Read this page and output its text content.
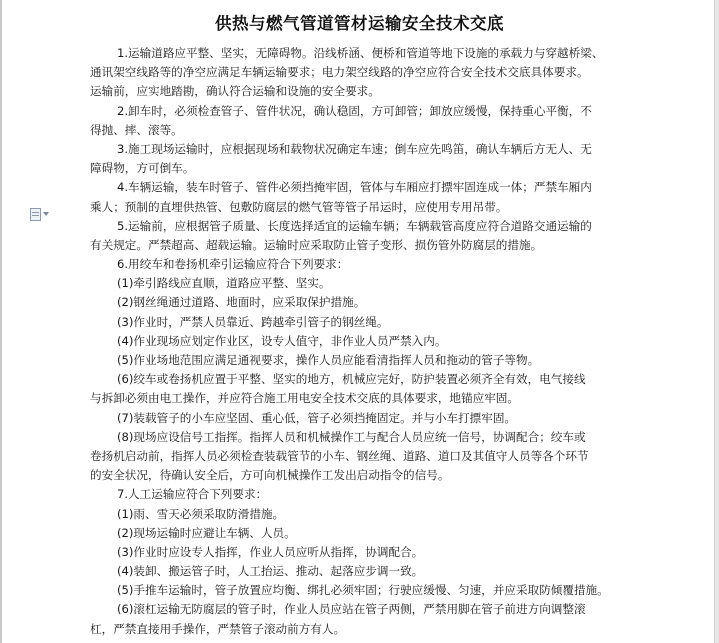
供热与燃气管道管材运输安全技术交底
1.运输道路应平整、坚实，无障碍物。沿线桥涵、便桥和管道等地下设施的承载力与穿越桥梁、
通讯架空线路等的净空应满足车辆运输要求；电力架空线路的净空应符合安全技术交底具体要求。
运输前，应实地踏勘，确认符合运输和设施的安全要求。
2.卸车时，必须检查管子、管件状况，确认稳固，方可卸管；卸放应缓慢，保持重心平衡，不
得抛、摔、滚等。
3.施工现场运输时，应根据现场和载物状况确定车速；倒车应先鸣笛，确认车辆后方无人、无
障碍物，方可倒车。
4.车辆运输，装车时管子、管件必须挡掩牢固，管体与车厢应打摽牢固连成一体；严禁车厢内
乘人；预制的直埋供热管、包敷防腐层的燃气管等管子吊运时，应使用专用吊带。
5.运输前，应根据管子质量、长度选择适宜的运输车辆；车辆载管高度应符合道路交通运输的
有关规定。严禁超高、超载运输。运输时应采取防止管子变形、损伤管外防腐层的措施。
6.用绞车和卷扬机牵引运输应符合下列要求：
(1)牵引路线应直顺，道路应平整、坚实。
(2)钢丝绳通过道路、地面时，应采取保护措施。
(3)作业时，严禁人员靠近、跨越牵引管子的钢丝绳。
(4)作业现场应划定作业区，设专人值守，非作业人员严禁入内。
(5)作业场地范围应满足通视要求，操作人员应能看清指挥人员和拖动的管子等物。
(6)绞车或卷扬机应置于平整、坚实的地方，机械应完好，防护装置必须齐全有效，电气接线
与拆卸必须由电工操作，并应符合施工用电安全技术交底的具体要求，地锚应牢固。
(7)装载管子的小车应坚固、重心低，管子必须挡掩固定。并与小车打摽牢固。
(8)现场应设信号工指挥。指挥人员和机械操作工与配合人员应统一信号，协调配合；绞车或
卷扬机启动前，指挥人员必须检查装载管节的小车、钢丝绳、道路、道口及其值守人员等各个环节
的安全状况，待确认安全后，方可向机械操作工发出启动指令的信号。
7.人工运输应符合下列要求：
(1)雨、雪天必须采取防滑措施。
(2)现场运输时应避让车辆、人员。
(3)作业时应设专人指挥，作业人员应听从指挥，协调配合。
(4)装卸、搬运管子时，人工抬运、推动、起落应步调一致。
(5)手推车运输时，管子放置应均衡、绑扎必须牢固；行驶应缓慢、匀速，并应采取防倾覆措施。
(6)滚杠运输无防腐层的管子时，作业人员应站在管子两侧，严禁用脚在管子前进方向调整滚
杠，严禁直接用手操作，严禁管子滚动前方有人。
